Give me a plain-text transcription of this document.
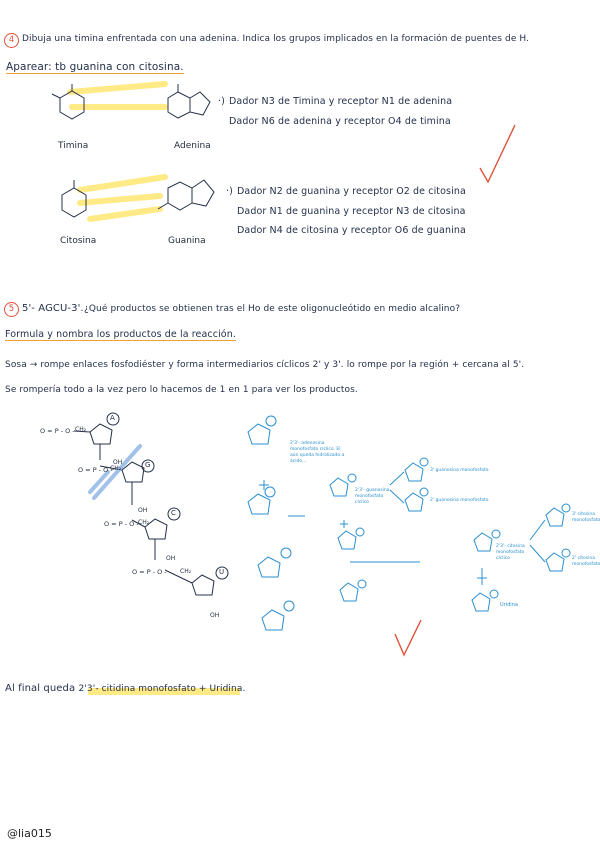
4 Dibuja una timina enfrentada con una adenina. Indica los grupos implicados en la formación de puentes de H.
Aparear: tb guanina con citosina.
·) Dador N3 de Timina y receptor N1 de adenina
Dador N6 de adenina y receptor O4 de timina
·) Dador N2 de guanina y receptor O2 de citosina
Dador N1 de guanina y receptor N3 de citosina
Dador N4 de citosina y receptor O6 de guanina
Timina	Adenina
Citosina	Guanina
5 5'- AGCU-3'. ¿Qué productos se obtienen tras el Ho de este oligonucleótido en medio alcalino?
Formula y nombra los productos de la reacción.
Sosa → rompe enlaces fosfodiéster y forma intermediarios cíclicos 2' y 3'. lo rompe por la región + cercana al 5'.
Se rompería todo a la vez pero lo hacemos de 1 en 1 para ver los productos.
O = P - O - CH₂
A
OH
O = P - O -
CH₂	G
OH
O = P - O - CH₂
C
OH
O = P - O - CH₂	U
OH
2'3'- adenosina monofosfato cíclico. El aún queda hidrolizado a ácido...
3' guanosina monofosfato
2' guanosina monofosfato
2'3'- guanosina monofosfato cíclico
3' citosina monofosfato
2' citosina monofosfato
2'3'- citosina monofosfato cíclico
Uridina
Al final queda 2'3'- citidina monofosfato + Uridina.
@lia015
